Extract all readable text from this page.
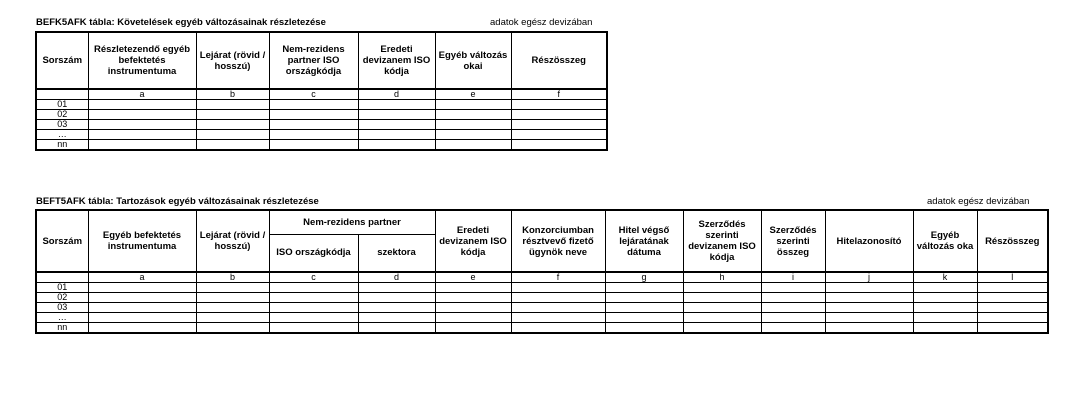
BEFK5AFK tábla: Követelések egyéb változásainak részletezése	adatok egész devizában
Sorszám	Részletezendő egyéb befektetés instrumentuma	Lejárat (rövid / hosszú)	Nem-rezidens partner ISO országkódja	Eredeti devizanem ISO kódja	Egyéb változás okai	Részösszeg
	a	b	c	d	e	f
01						
02						
03						
…						
nn						
BEFT5AFK tábla: Tartozások egyéb változásainak részletezése	adatok egész devizában
Sorszám	Egyéb befektetés instrumentuma	Lejárat (rövid / hosszú)	Nem-rezidens partner		Eredeti devizanem ISO kódja	Konzorciumban résztvevő fizető ügynök neve	Hitel végső lejáratának dátuma	Szerződés szerinti devizanem ISO kódja	Szerződés szerinti összeg	Hitelazonosító	Egyéb változás oka	Részösszeg
			ISO országkódja	szektora								
	a	b	c	d	e	f	g	h	i	j	k	l
01												
02												
03												
…												
nn												
